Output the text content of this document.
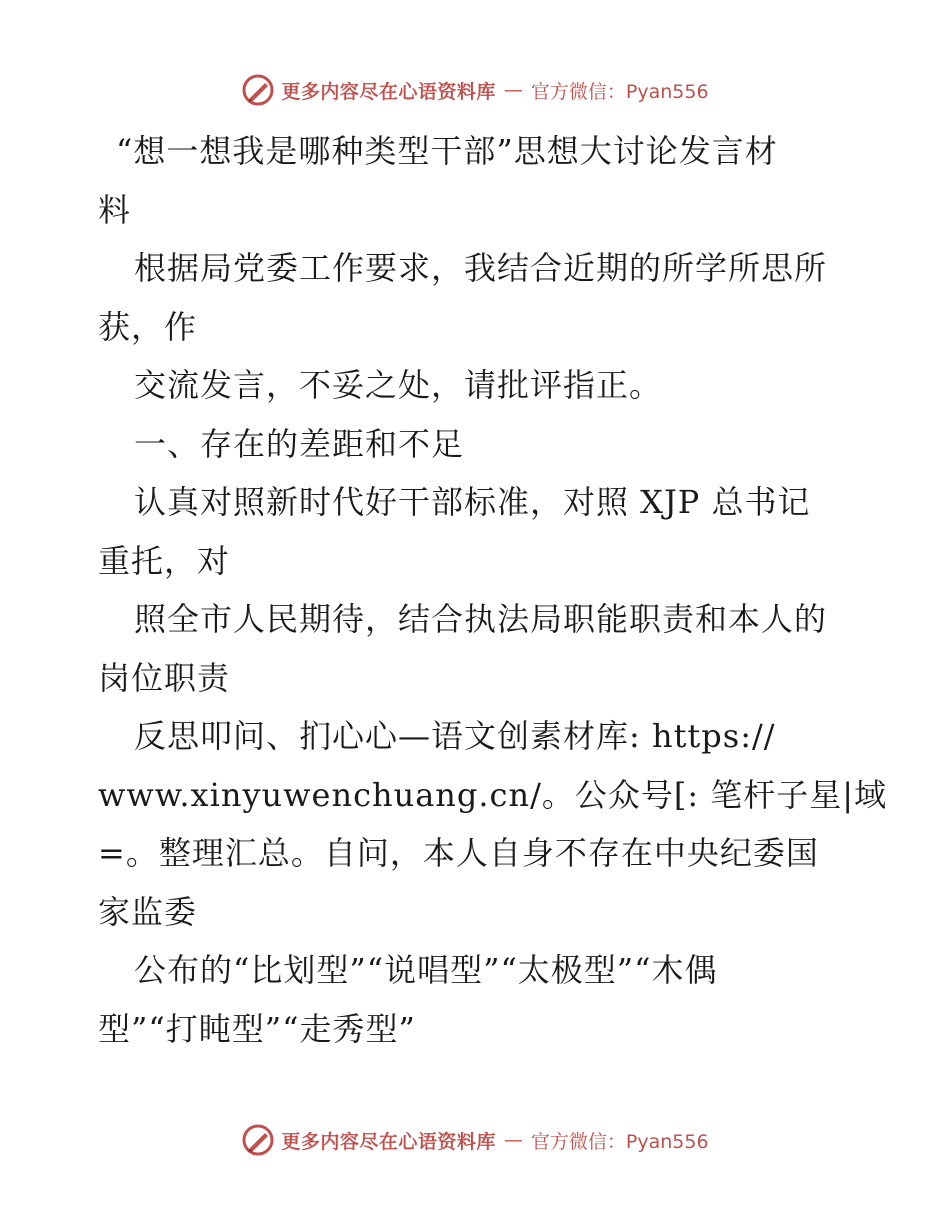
更多内容尽在心语资料库 — 官方微信：Pyan556
“想一想我是哪种类型干部”思想大讨论发言材
料
根据局党委工作要求，我结合近期的所学所思所
获，作
交流发言，不妥之处，请批评指正。
一、存在的差距和不足
认真对照新时代好干部标准，对照 XJP 总书记
重托，对
照全市人民期待，结合执法局职能职责和本人的
岗位职责
反思叩问、扪心心—语文创素材库: https://
www.xinyuwenchuang.cn/。公众号[: 笔杆子星|域
=。整理汇总。自问，本人自身不存在中央纪委国
家监委
公布的“比划型”“说唱型”“太极型”“木偶
型”“打盹型”“走秀型”
更多内容尽在心语资料库 — 官方微信：Pyan556
